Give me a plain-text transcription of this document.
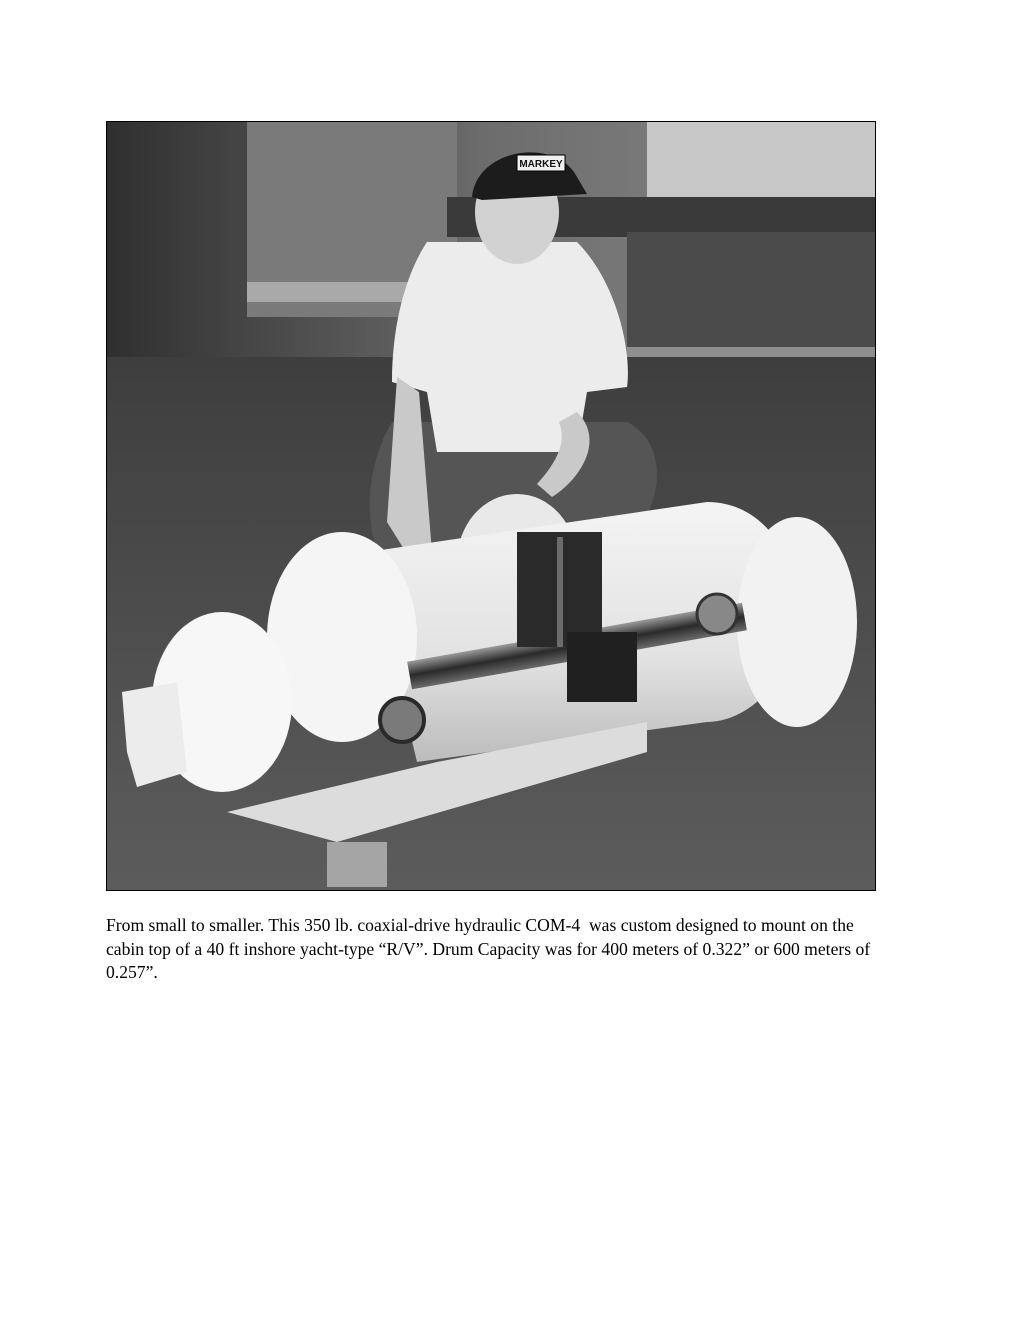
MARKEY
From small to smaller. This 350 lb. coaxial-drive hydraulic COM-4  was custom designed to mount on the cabin top of a 40 ft inshore yacht-type “R/V”. Drum Capacity was for 400 meters of 0.322” or 600 meters of 0.257”.
